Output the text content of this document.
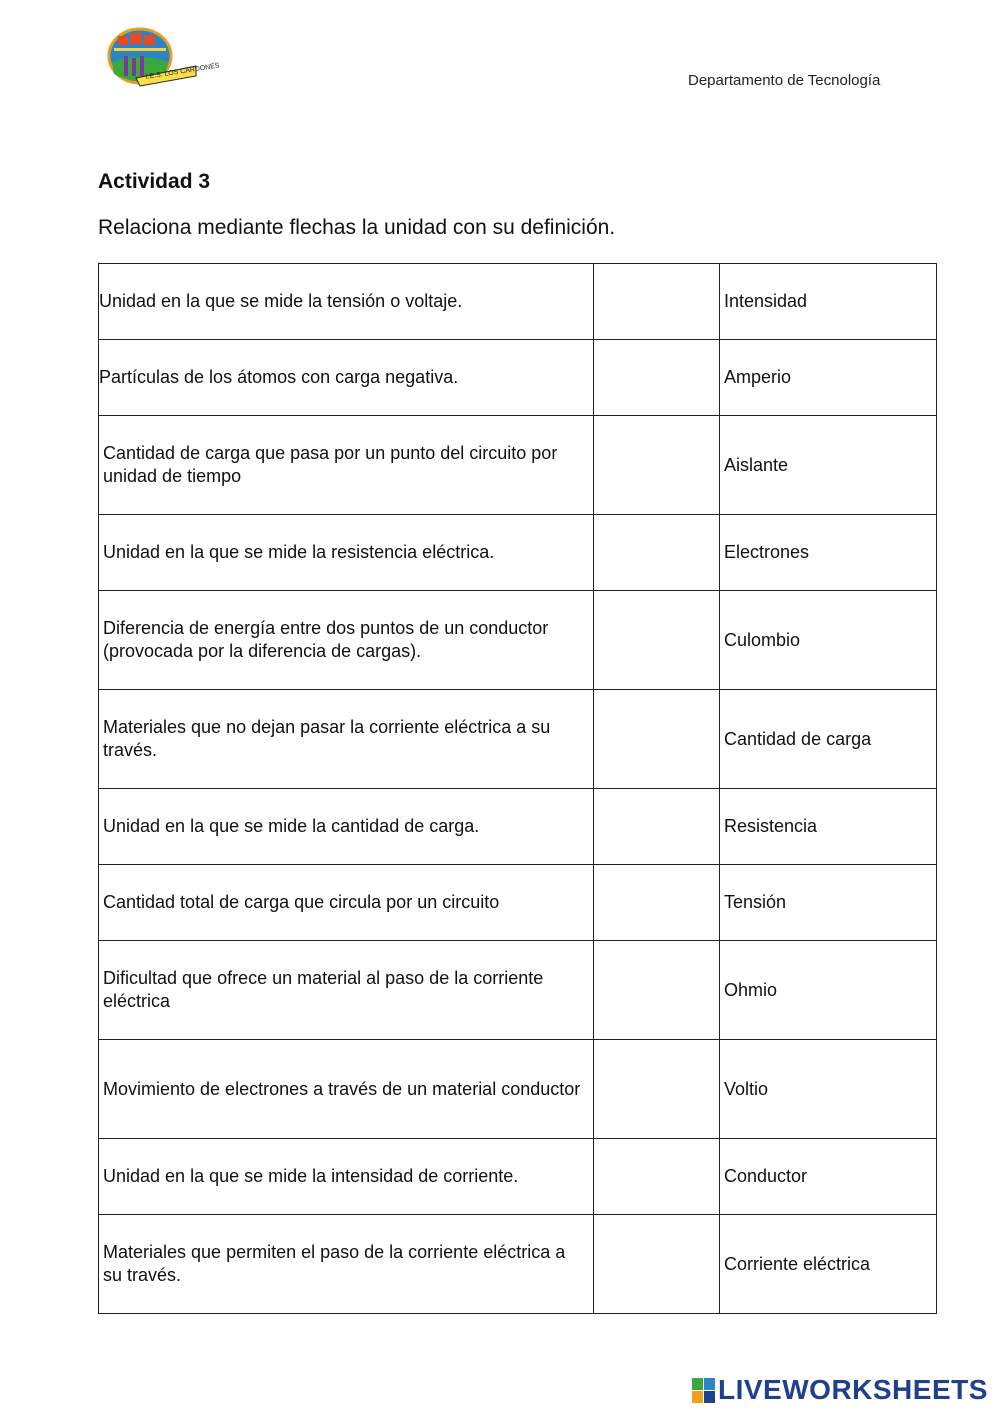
I.E.S. LOS CARDONES	Departamento de Tecnología
Actividad 3
Relaciona mediante flechas la unidad con su definición.
Unidad en la que se mide la tensión o voltaje.		Intensidad
Partículas de los átomos con carga negativa.		Amperio
Cantidad de carga que pasa por un punto del circuito por unidad de tiempo		Aislante
Unidad en la que se mide la resistencia eléctrica.		Electrones
Diferencia de energía entre dos puntos de un conductor (provocada por la diferencia de cargas).		Culombio
Materiales que no dejan pasar la corriente eléctrica a su través.		Cantidad de carga
Unidad en la que se mide la cantidad de carga.		Resistencia
Cantidad total de carga que circula por un circuito		Tensión
Dificultad que ofrece un material al paso de la corriente eléctrica		Ohmio
Movimiento de electrones a través de un material conductor		Voltio
Unidad en la que se mide la intensidad de corriente.		Conductor
Materiales que permiten el paso de la corriente eléctrica a su través.		Corriente eléctrica
LIVEWORKSHEETS
